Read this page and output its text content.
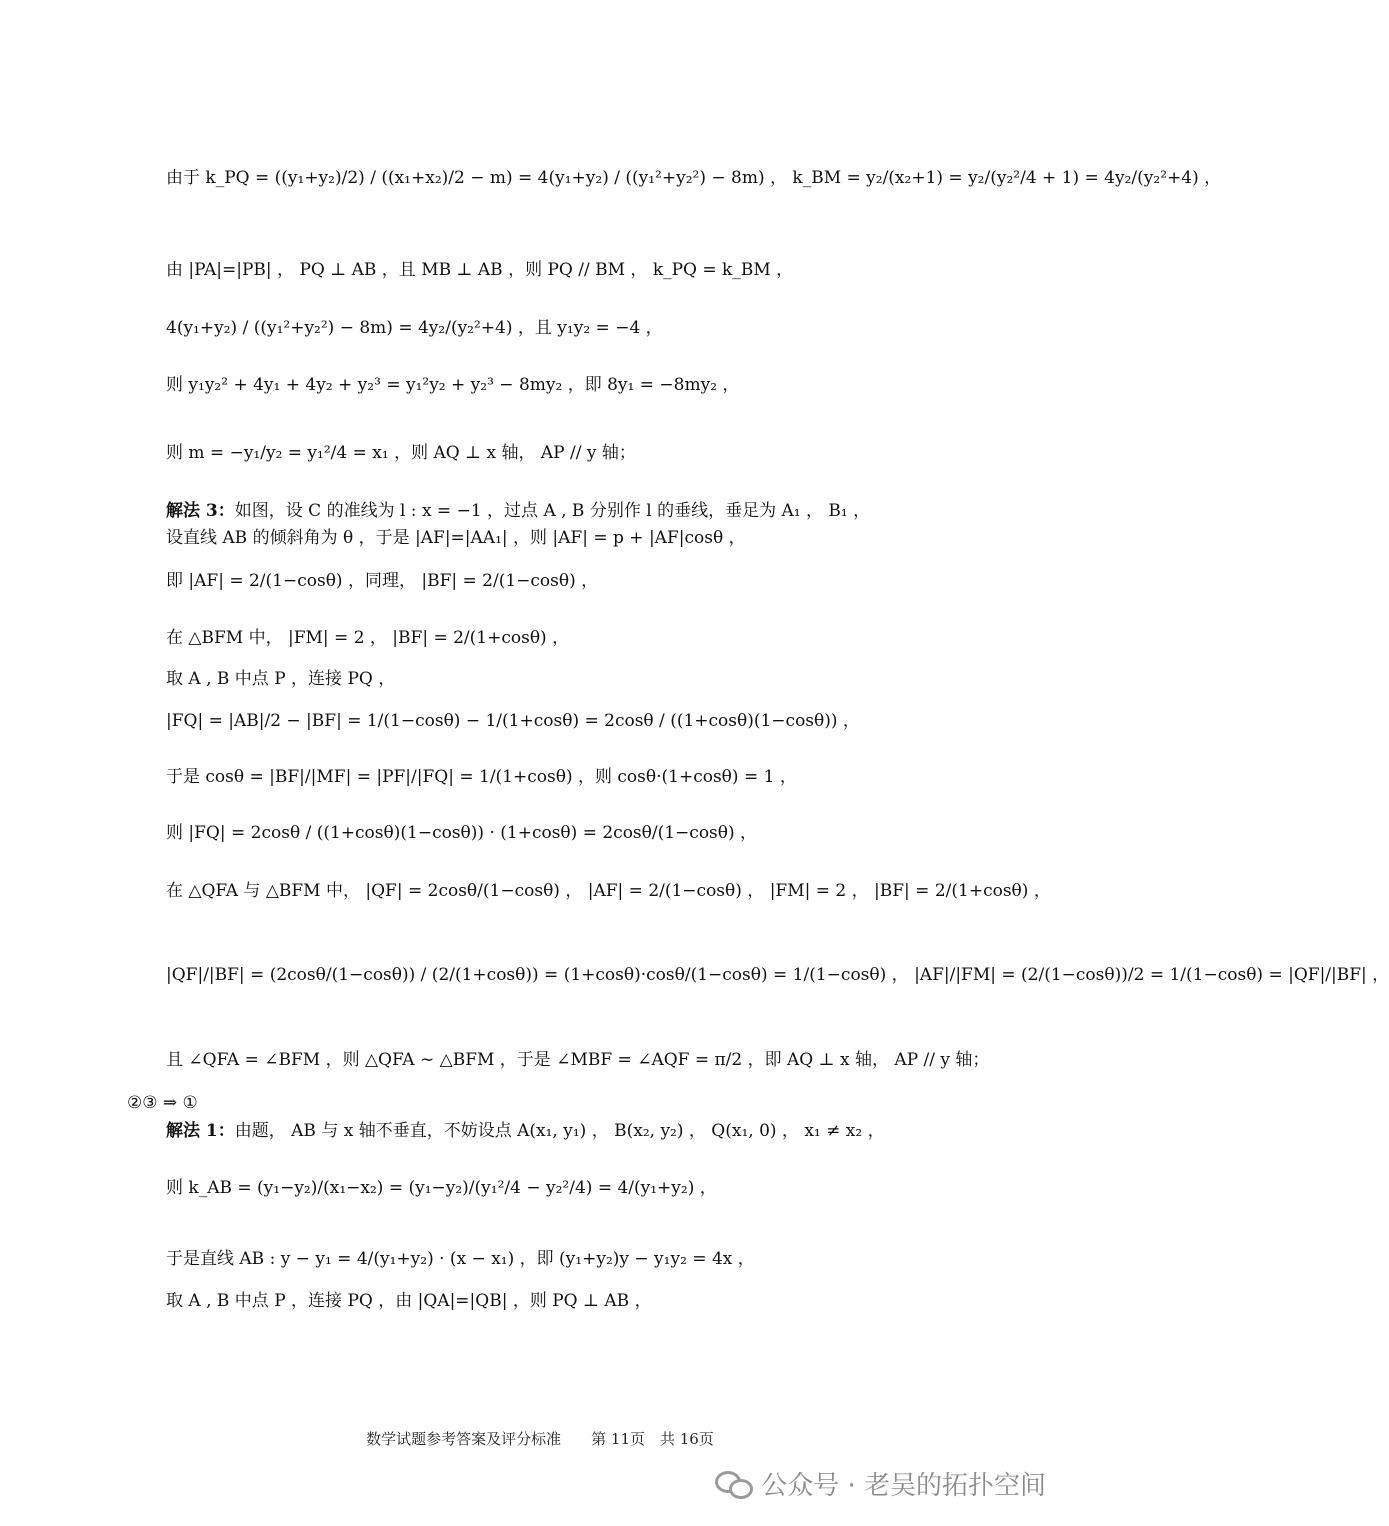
由于 k_PQ = ((y₁+y₂)/2) / ((x₁+x₂)/2 − m) = 4(y₁+y₂) / ((y₁²+y₂²) − 8m) ， k_BM = y₂/(x₂+1) = y₂/(y₂²/4 + 1) = 4y₂/(y₂²+4) ，
由 |PA|=|PB| ， PQ ⊥ AB ，且 MB ⊥ AB ，则 PQ // BM ， k_PQ = k_BM ，
4(y₁+y₂) / ((y₁²+y₂²) − 8m) = 4y₂/(y₂²+4) ，且 y₁y₂ = −4 ，
则 y₁y₂² + 4y₁ + 4y₂ + y₂³ = y₁²y₂ + y₂³ − 8my₂ ，即 8y₁ = −8my₂ ，
则 m = −y₁/y₂ = y₁²/4 = x₁ ，则 AQ ⊥ x 轴， AP // y 轴；
解法 3：如图，设 C 的准线为 l : x = −1 ，过点 A , B 分别作 l 的垂线，垂足为 A₁ ， B₁ ，
设直线 AB 的倾斜角为 θ ，于是 |AF|=|AA₁| ，则 |AF| = p + |AF|cosθ ，
即 |AF| = 2/(1−cosθ) ，同理， |BF| = 2/(1−cosθ) ，
在 △BFM 中， |FM| = 2 ， |BF| = 2/(1+cosθ) ，
取 A , B 中点 P ，连接 PQ ，
|FQ| = |AB|/2 − |BF| = 1/(1−cosθ) − 1/(1+cosθ) = 2cosθ / ((1+cosθ)(1−cosθ)) ，
于是 cosθ = |BF|/|MF| = |PF|/|FQ| = 1/(1+cosθ) ，则 cosθ·(1+cosθ) = 1 ，
则 |FQ| = 2cosθ / ((1+cosθ)(1−cosθ)) · (1+cosθ) = 2cosθ/(1−cosθ) ，
在 △QFA 与 △BFM 中， |QF| = 2cosθ/(1−cosθ) ， |AF| = 2/(1−cosθ) ， |FM| = 2 ， |BF| = 2/(1+cosθ) ，
|QF|/|BF| = (2cosθ/(1−cosθ)) / (2/(1+cosθ)) = (1+cosθ)·cosθ/(1−cosθ) = 1/(1−cosθ) ， |AF|/|FM| = (2/(1−cosθ))/2 = 1/(1−cosθ) = |QF|/|BF| ，
且 ∠QFA = ∠BFM ，则 △QFA ∼ △BFM ，于是 ∠MBF = ∠AQF = π/2 ，即 AQ ⊥ x 轴， AP // y 轴；
②③ ⇒ ①
解法 1：由题， AB 与 x 轴不垂直，不妨设点 A(x₁, y₁) ， B(x₂, y₂) ， Q(x₁, 0) ， x₁ ≠ x₂ ，
则 k_AB = (y₁−y₂)/(x₁−x₂) = (y₁−y₂)/(y₁²/4 − y₂²/4) = 4/(y₁+y₂) ，
于是直线 AB : y − y₁ = 4/(y₁+y₂) · (x − x₁) ，即 (y₁+y₂)y − y₁y₂ = 4x ，
取 A , B 中点 P ，连接 PQ ，由 |QA|=|QB| ，则 PQ ⊥ AB ，
数学试题参考答案及评分标准　　第 11页　共 16页
公众号 · 老吴的拓扑空间
